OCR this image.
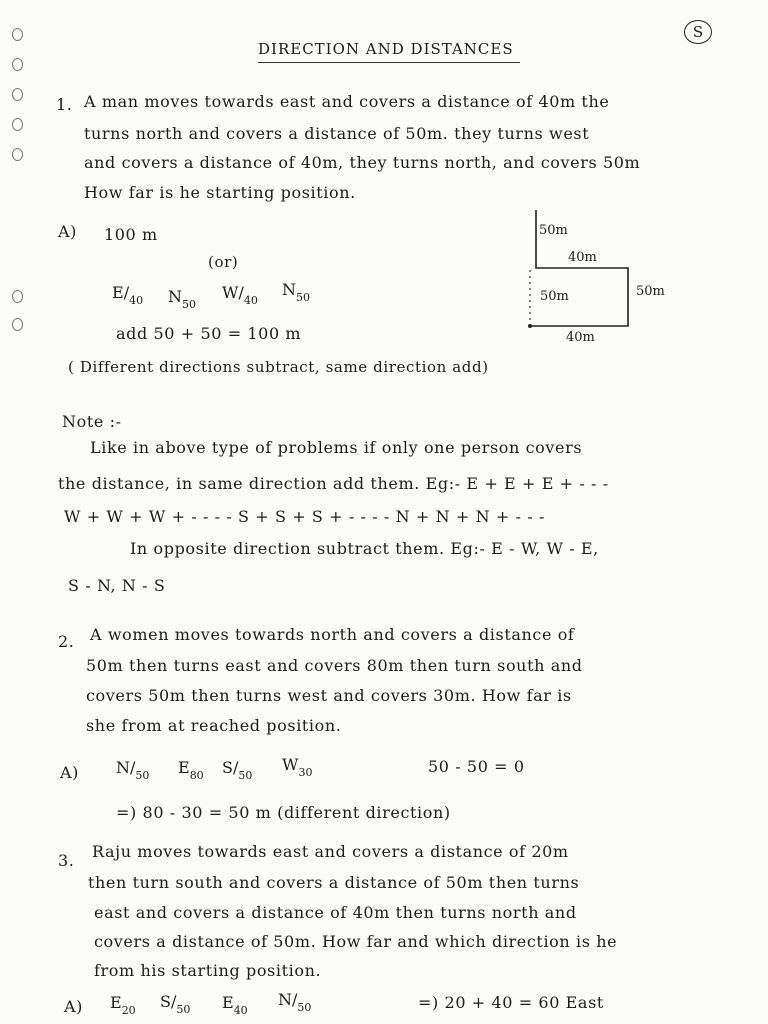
S
DIRECTION AND DISTANCES
1. A man moves towards east and covers a distance of 40m the
turns north and covers a distance of 50m. they turns west
and covers a distance of 40m, they turns north, and covers 50m
How far is he starting position.
A) 100 m
(or)
$E/_{40}$ $N_{50}$
$W/_{40}$
$N_{50}$
add 50 + 50 = 100 m
( Different directions subtract, same direction add)
50m
40m
50m	50m
40m
Note :-
Like in above type of problems if only one person covers
the distance, in same direction add them. Eg:- E + E + E + - - -
W + W + W + - - - - S + S + S + - - - - N + N + N + - - -
In opposite direction subtract them. Eg:- E - W, W - E,
S - N, N - S
2. A women moves towards north and covers a distance of
50m then turns east and covers 80m then turn south and
covers 50m then turns west and covers 30m. How far is
she from at reached position.
A) $N/_{50}$ $E_{80}$ $S/_{50}$
$W_{30}$	50 - 50 = 0
=) 80 - 30 = 50 m (different direction)
3. Raju moves towards east and covers a distance of 20m
then turn south and covers a distance of 50m then turns
east and covers a distance of 40m then turns north and
covers a distance of 50m. How far and which direction is he
from his starting position.
A) $E_{20}$ $S/_{50}$ $E_{40}$
$N/_{50}$	=) 20 + 40 = 60 East
